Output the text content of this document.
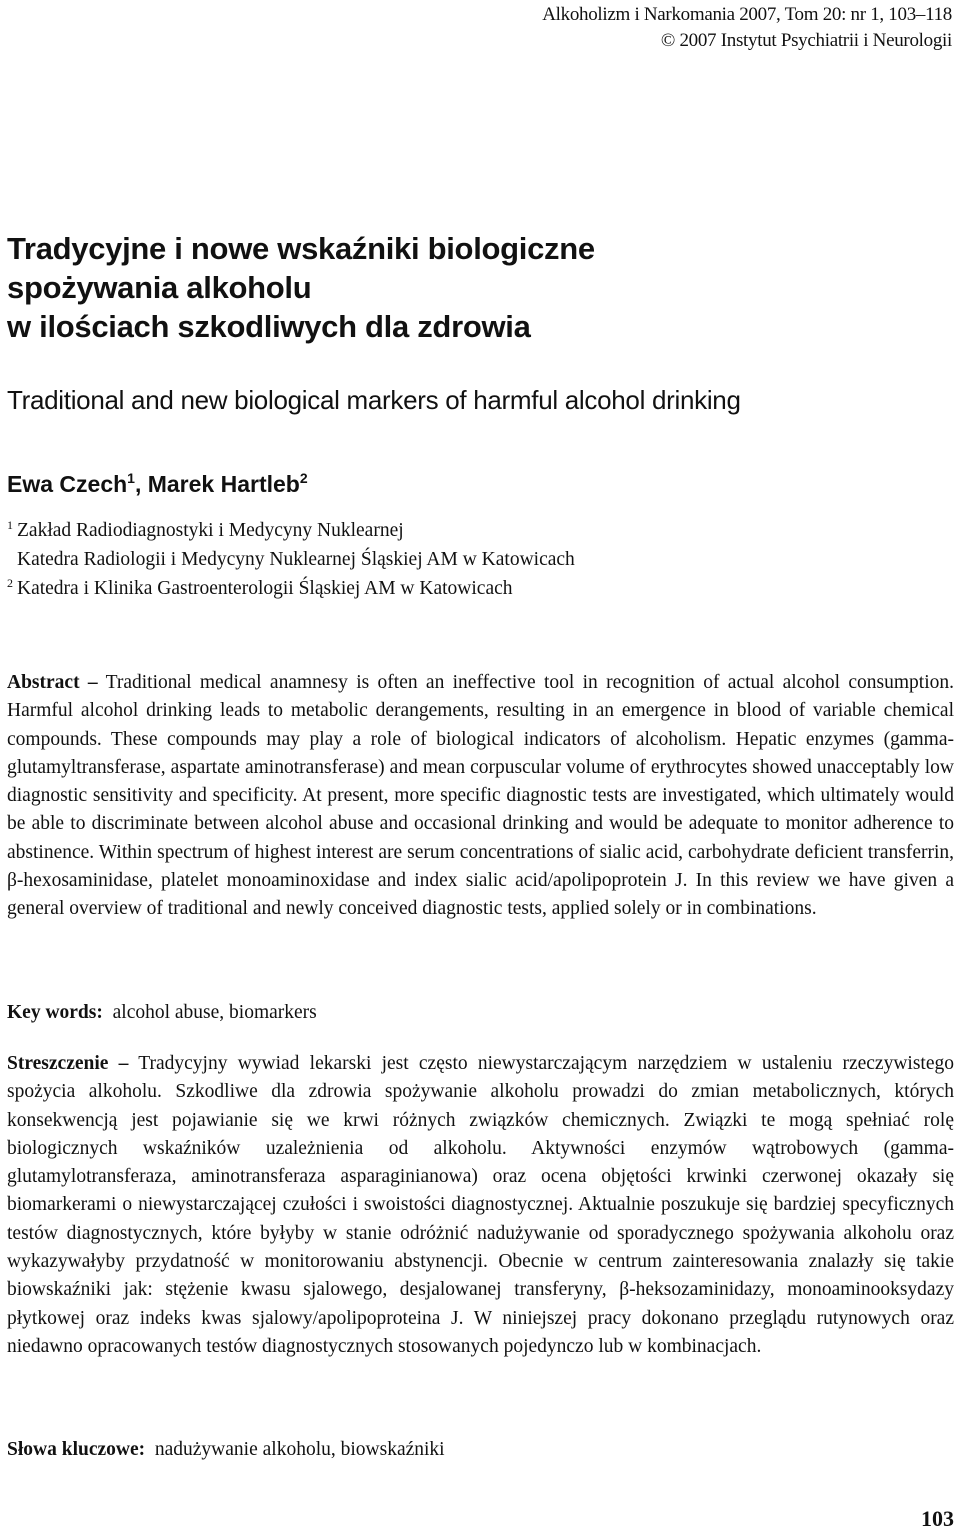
Alkoholizm i Narkomania 2007, Tom 20: nr 1, 103–118
© 2007 Instytut Psychiatrii i Neurologii
Tradycyjne i nowe wskaźniki biologiczne
spożywania alkoholu
w ilościach szkodliwych dla zdrowia
Traditional and new biological markers of harmful alcohol drinking
Ewa Czech$^1$, Marek Hartleb$^2$
1 Zakład Radiodiagnostyki i Medycyny Nuklearnej
Katedra Radiologii i Medycyny Nuklearnej Śląskiej AM w Katowicach
2 Katedra i Klinika Gastroenterologii Śląskiej AM w Katowicach

Abstract – Traditional medical anamnesy is often an ineffective tool in recognition of actual alcohol consumption. Harmful alcohol drinking leads to metabolic derangements, resulting in an emergence in blood of variable chemical compounds. These compounds may play a role of biological indicators of alcoholism. Hepatic enzymes (gamma-glutamyltransferase, aspartate aminotransferase) and mean corpuscular volume of erythrocytes showed unacceptably low diagnostic sensitivity and specificity. At present, more specific diagnostic tests are investigated, which ultimately would be able to discriminate between alcohol abuse and occasional drinking and would be adequate to monitor adherence to abstinence. Within spectrum of highest interest are serum concentrations of sialic acid, carbohydrate deficient transferrin, β-hexosaminidase, platelet monoaminoxidase and index sialic acid/apolipoprotein J. In this review we have given a general overview of traditional and newly conceived diagnostic tests, applied solely or in combinations.

Key words: alcohol abuse, biomarkers

Streszczenie – Tradycyjny wywiad lekarski jest często niewystarczającym narzędziem w ustaleniu rzeczywistego spożycia alkoholu. Szkodliwe dla zdrowia spożywanie alkoholu prowadzi do zmian metabolicznych, których konsekwencją jest pojawianie się we krwi różnych związków chemicznych. Związki te mogą spełniać rolę biologicznych wskaźników uzależnienia od alkoholu. Aktywności enzymów wątrobowych (gamma-glutamylotransferaza, aminotransferaza asparaginianowa) oraz ocena objętości krwinki czerwonej okazały się biomarkerami o niewystarczającej czułości i swoistości diagnostycznej. Aktualnie poszukuje się bardziej specyficznych testów diagnostycznych, które byłyby w stanie odróżnić nadużywanie od sporadycznego spożywania alkoholu oraz wykazywałyby przydatność w monitorowaniu abstynencji. Obecnie w centrum zainteresowania znalazły się takie biowskaźniki jak: stężenie kwasu sjalowego, desjalowanej transferyny, β-heksozaminidazy, monoaminooksydazy płytkowej oraz indeks kwas sjalowy/apolipoproteina J. W niniejszej pracy dokonano przeglądu rutynowych oraz niedawno opracowanych testów diagnostycznych stosowanych pojedynczo lub w kombinacjach.

Słowa kluczowe: nadużywanie alkoholu, biowskaźniki
103
